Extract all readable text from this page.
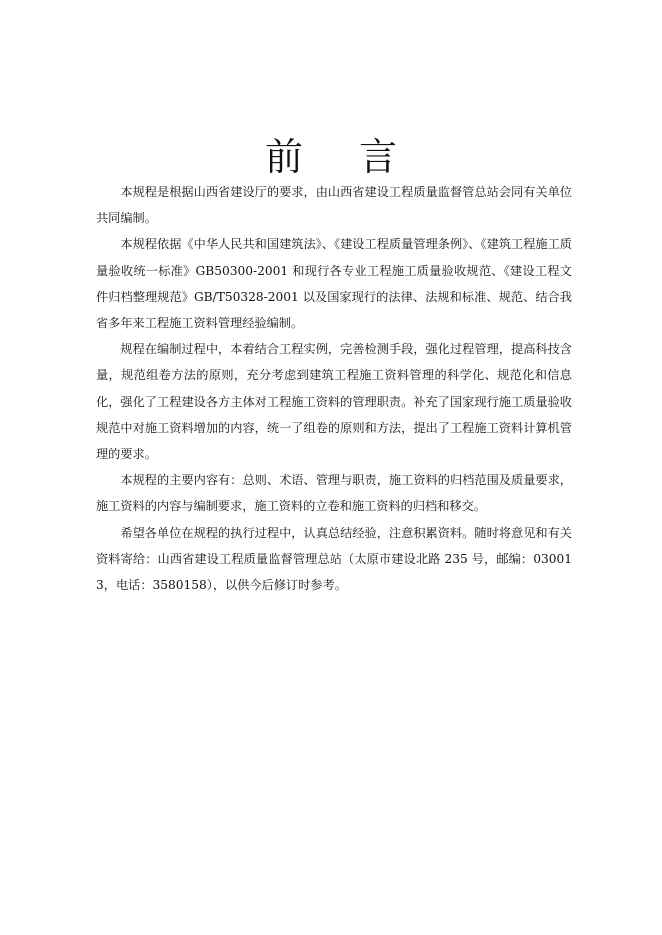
前 言

本规程是根据山西省建设厅的要求，由山西省建设工程质量监督管总站会同有关单位共同编制。

本规程依据《中华人民共和国建筑法》、《建设工程质量管理条例》、《建筑工程施工质量验收统一标准》GB50300-2001 和现行各专业工程施工质量验收规范、《建设工程文件归档整理规范》GB/T50328-2001 以及国家现行的法律、法规和标准、规范、结合我省多年来工程施工资料管理经验编制。

规程在编制过程中，本着结合工程实例，完善检测手段，强化过程管理，提高科技含量，规范组卷方法的原则，充分考虑到建筑工程施工资料管理的科学化、规范化和信息化，强化了工程建设各方主体对工程施工资料的管理职责。补充了国家现行施工质量验收规范中对施工资料增加的内容，统一了组卷的原则和方法，提出了工程施工资料计算机管理的要求。

本规程的主要内容有：总则、术语、管理与职责，施工资料的归档范围及质量要求，施工资料的内容与编制要求，施工资料的立卷和施工资料的归档和移交。

希望各单位在规程的执行过程中，认真总结经验，注意积累资料。随时将意见和有关资料寄给：山西省建设工程质量监督管理总站（太原市建设北路 235 号，邮编：030013，电话：3580158），以供今后修订时参考。
